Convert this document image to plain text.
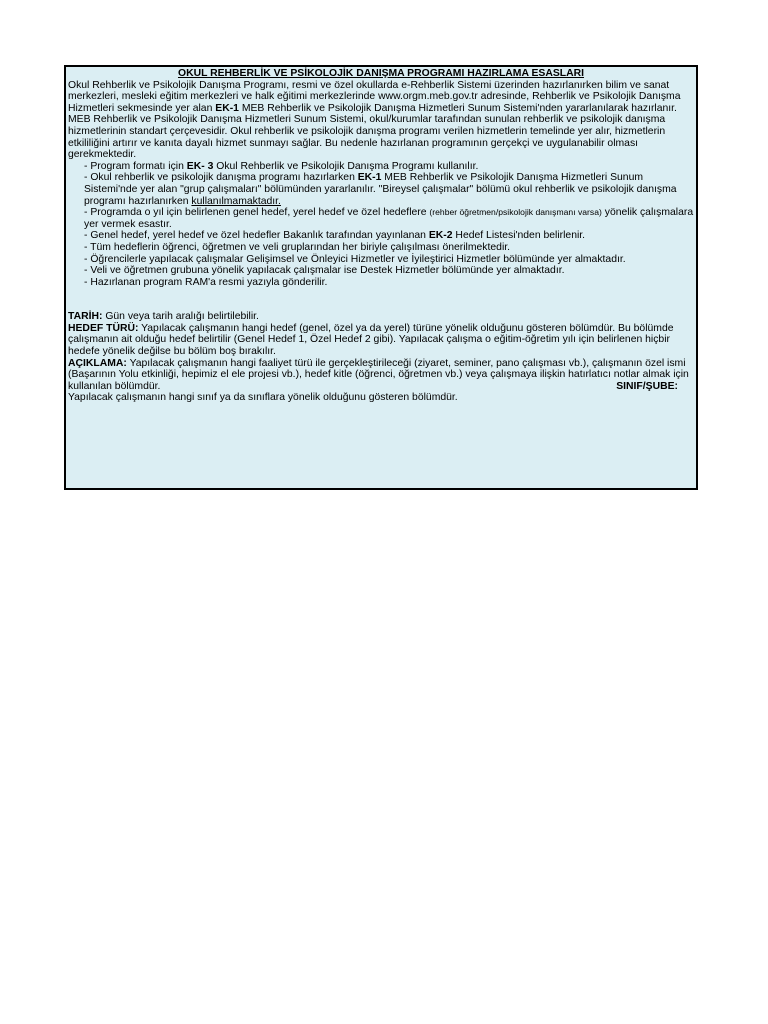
OKUL REHBERLİK VE PSİKOLOJİK DANIŞMA PROGRAMI HAZIRLAMA ESASLARI

Okul Rehberlik ve Psikolojik Danışma Programı, resmi ve özel okullarda e-Rehberlik Sistemi üzerinden hazırlanırken bilim ve sanat merkezleri, mesleki eğitim merkezleri ve halk eğitimi merkezlerinde www.orgm.meb.gov.tr adresinde, Rehberlik ve Psikolojik Danışma Hizmetleri sekmesinde yer alan EK-1 MEB Rehberlik ve Psikolojik Danışma Hizmetleri Sunum Sistemi'nden yararlanılarak hazırlanır. MEB Rehberlik ve Psikolojik Danışma Hizmetleri Sunum Sistemi, okul/kurumlar tarafından sunulan rehberlik ve psikolojik danışma hizmetlerinin standart çerçevesidir. Okul rehberlik ve psikolojik danışma programı verilen hizmetlerin temelinde yer alır, hizmetlerin etkililiğini artırır ve kanıta dayalı hizmet sunmayı sağlar. Bu nedenle hazırlanan programının gerçekçi ve uygulanabilir olması gerekmektedir.

- Program formatı için EK- 3 Okul Rehberlik ve Psikolojik Danışma Programı kullanılır.

- Okul rehberlik ve psikolojik danışma programı hazırlarken EK-1 MEB Rehberlik ve Psikolojik Danışma Hizmetleri Sunum Sistemi'nde yer alan "grup çalışmaları" bölümünden yararlanılır. "Bireysel çalışmalar" bölümü okul rehberlik ve psikolojik danışma programı hazırlanırken kullanılmamaktadır.

- Programda o yıl için belirlenen genel hedef, yerel hedef ve özel hedeflere (rehber öğretmen/psikolojik danışmanı varsa) yönelik çalışmalara yer vermek esastır.

- Genel hedef, yerel hedef ve özel hedefler Bakanlık tarafından yayınlanan EK-2 Hedef Listesi'nden belirlenir.

- Tüm hedeflerin öğrenci, öğretmen ve veli gruplarından her biriyle çalışılması önerilmektedir.

- Öğrencilerle yapılacak çalışmalar Gelişimsel ve Önleyici Hizmetler ve İyileştirici Hizmetler bölümünde yer almaktadır.

- Veli ve öğretmen grubuna yönelik yapılacak çalışmalar ise Destek Hizmetler bölümünde yer almaktadır.

- Hazırlanan program RAM'a resmi yazıyla gönderilir.

TARİH: Gün veya tarih aralığı belirtilebilir.

HEDEF TÜRÜ: Yapılacak çalışmanın hangi hedef (genel, özel ya da yerel) türüne yönelik olduğunu gösteren bölümdür. Bu bölümde çalışmanın ait olduğu hedef belirtilir (Genel Hedef 1, Özel Hedef 2 gibi). Yapılacak çalışma o eğitim-öğretim yılı için belirlenen hiçbir hedefe yönelik değilse bu bölüm boş bırakılır.

AÇIKLAMA: Yapılacak çalışmanın hangi faaliyet türü ile gerçekleştirileceği (ziyaret, seminer, pano çalışması vb.), çalışmanın özel ismi (Başarının Yolu etkinliği, hepimiz el ele projesi vb.), hedef kitle (öğrenci, öğretmen vb.) veya çalışmaya ilişkin hatırlatıcı notlar almak için kullanılan bölümdür.	SINIF/ŞUBE:

Yapılacak çalışmanın hangi sınıf ya da sınıflara yönelik olduğunu gösteren bölümdür.
